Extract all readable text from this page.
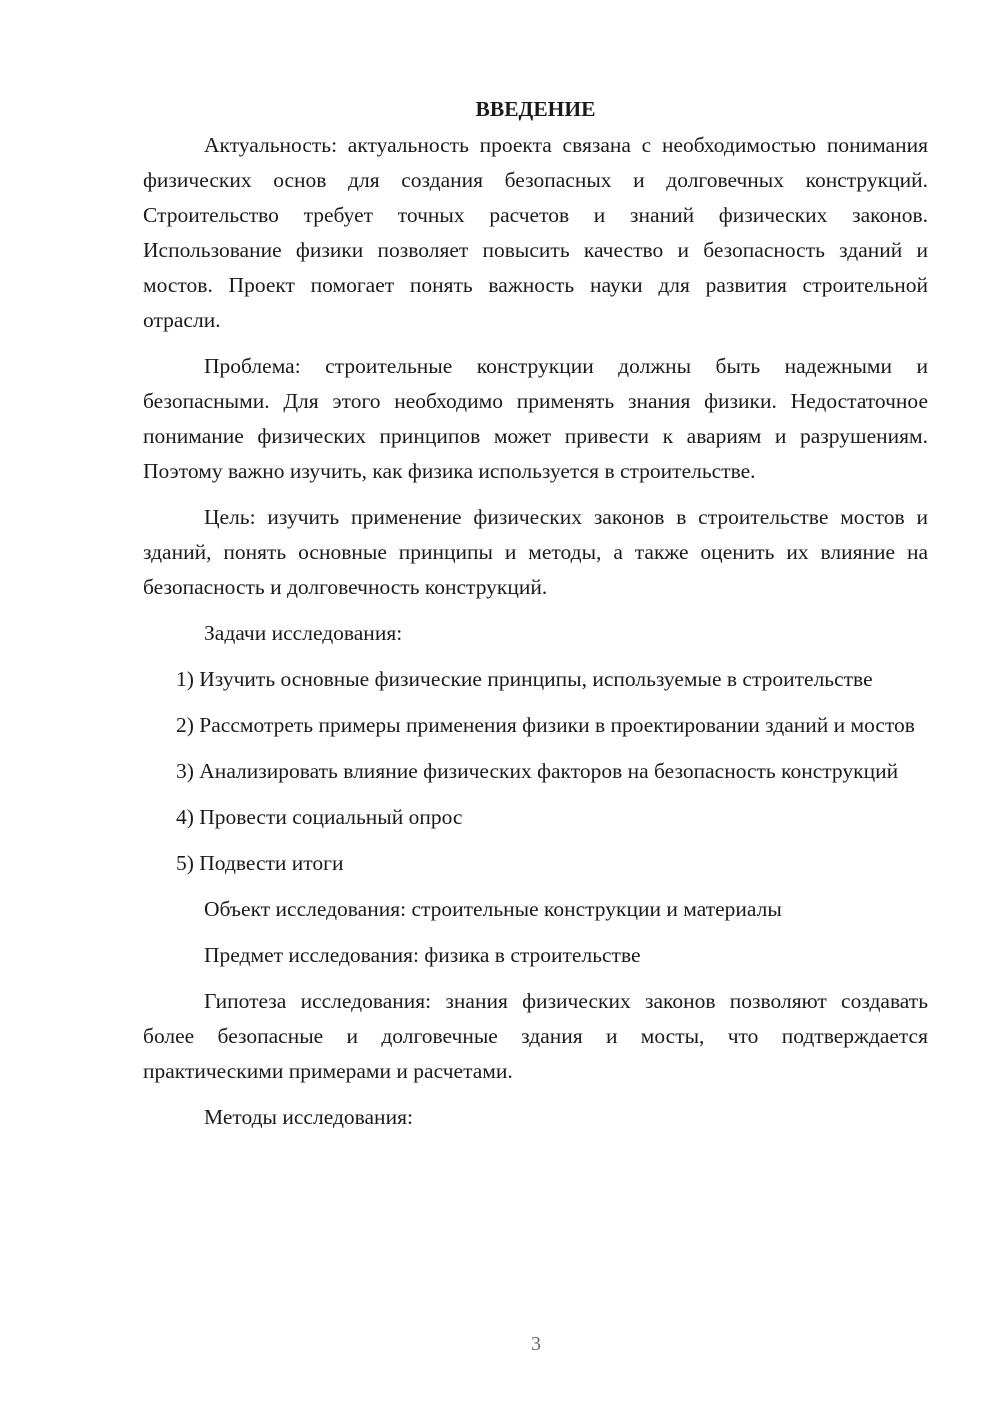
ВВЕДЕНИЕ

Актуальность: актуальность проекта связана с необходимостью понимания физических основ для создания безопасных и долговечных конструкций. Строительство требует точных расчетов и знаний физических законов. Использование физики позволяет повысить качество и безопасность зданий и мостов. Проект помогает понять важность науки для развития строительной отрасли.

Проблема: строительные конструкции должны быть надежными и безопасными. Для этого необходимо применять знания физики. Недостаточное понимание физических принципов может привести к авариям и разрушениям. Поэтому важно изучить, как физика используется в строительстве.

Цель: изучить применение физических законов в строительстве мостов и зданий, понять основные принципы и методы, а также оценить их влияние на безопасность и долговечность конструкций.

Задачи исследования:

1) Изучить основные физические принципы, используемые в строительстве

2) Рассмотреть примеры применения физики в проектировании зданий и мостов

3) Анализировать влияние физических факторов на безопасность конструкций

4) Провести социальный опрос

5) Подвести итоги

Объект исследования: строительные конструкции и материалы

Предмет исследования: физика в строительстве

Гипотеза исследования: знания физических законов позволяют создавать более безопасные и долговечные здания и мосты, что подтверждается практическими примерами и расчетами.

Методы исследования:

3
